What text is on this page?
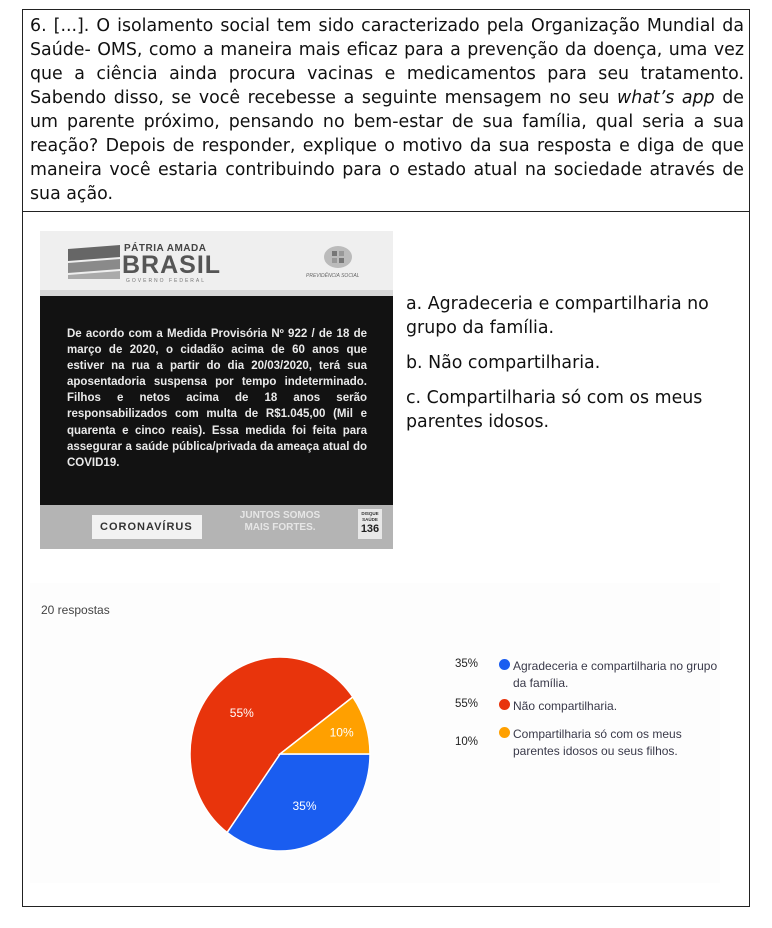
6. [...]. O isolamento social tem sido caracterizado pela Organização Mundial da Saúde- OMS, como a maneira mais eficaz para a prevenção da doença, uma vez que a ciência ainda procura vacinas e medicamentos para seu tratamento. Sabendo disso, se você recebesse a seguinte mensagem no seu what’s app de um parente próximo, pensando no bem-estar de sua família, qual seria a sua reação? Depois de responder, explique o motivo da sua resposta e diga de que maneira você estaria contribuindo para o estado atual na sociedade através de sua ação.

PÁTRIA AMADA
BRASIL
GOVERNO FEDERAL
PREVIDÊNCIA SOCIAL

De acordo com a Medida Provisória Nº 922 / de 18 de março de 2020, o cidadão acima de 60 anos que estiver na rua a partir do dia 20/03/2020, terá sua aposentadoria suspensa por tempo indeterminado. Filhos e netos acima de 18 anos serão responsabilizados com multa de R$1.045,00 (Mil e quarenta e cinco reais). Essa medida foi feita para assegurar a saúde pública/privada da ameaça atual do COVID19.

CORONAVÍRUS
JUNTOS SOMOS
MAIS FORTES.
DISQUE SAÚDE
136
a. Agradeceria e compartilharia no grupo da família.
b. Não compartilharia.
c. Compartilharia só com os meus parentes idosos.
20 respostas
35%
55%
10%
35%	Agradeceria e compartilharia no grupo da família.
55%	Não compartilharia.
10%
Compartilharia só com os meus parentes idosos ou seus filhos.
